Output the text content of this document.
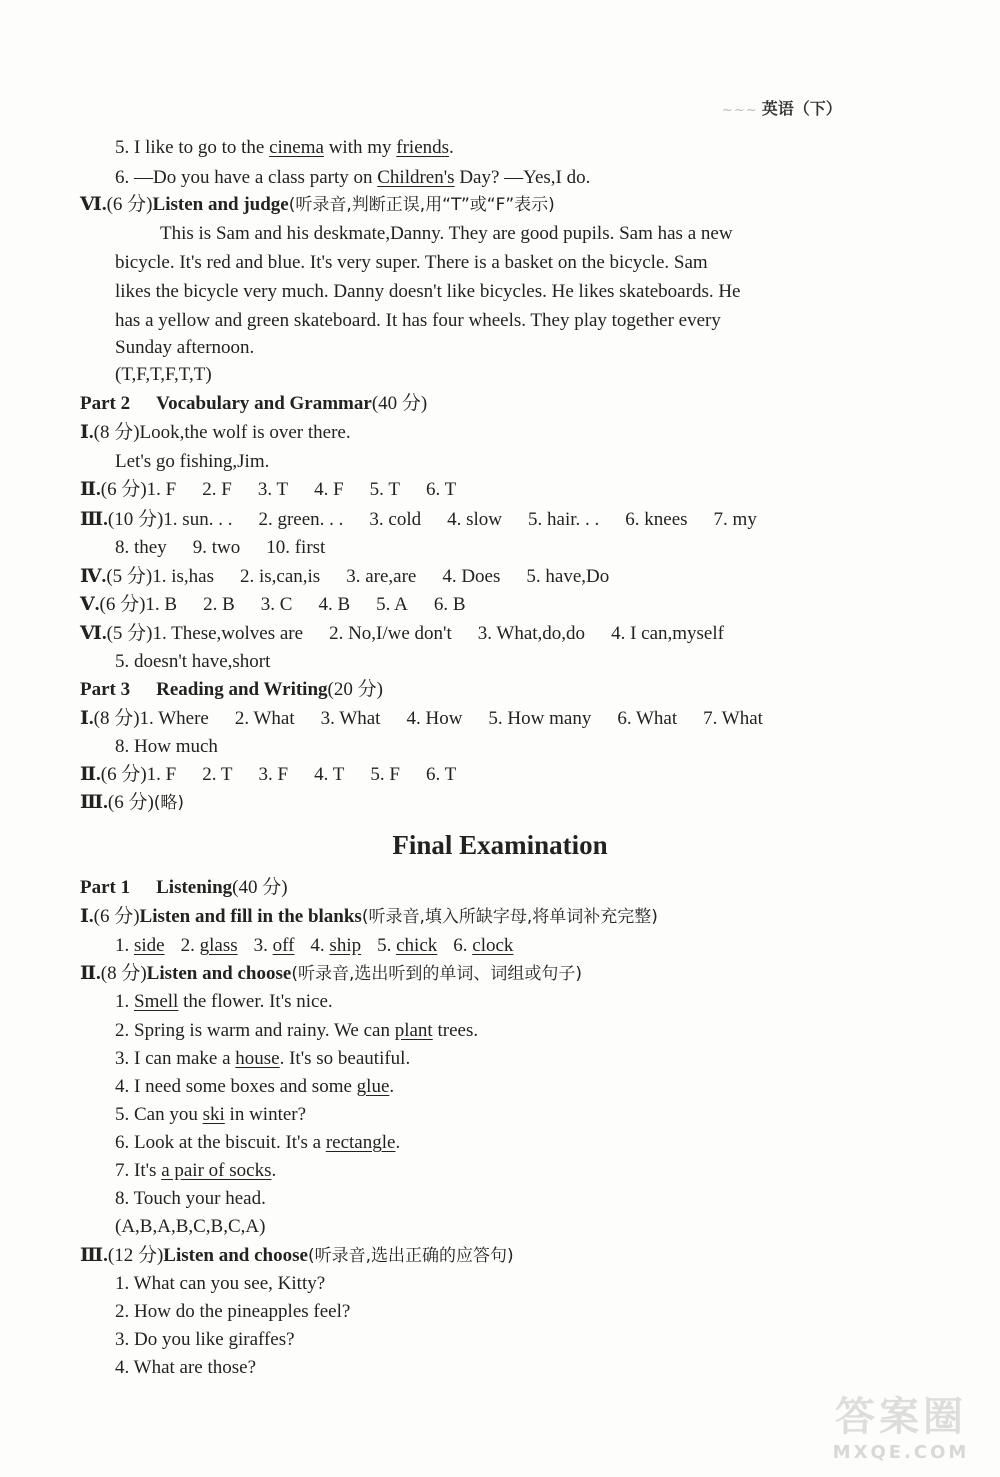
~~~ 英语（下）
5. I like to go to the cinema with my friends.
6. —Do you have a class party on Children's Day? —Yes,I do.
Ⅵ.(6 分)Listen and judge(听录音,判断正误,用“T”或“F”表示)
This is Sam and his deskmate,Danny. They are good pupils. Sam has a new
bicycle. It's red and blue. It's very super. There is a basket on the bicycle. Sam
likes the bicycle very much. Danny doesn't like bicycles. He likes skateboards. He
has a yellow and green skateboard. It has four wheels. They play together every
Sunday afternoon.
(T,F,T,F,T,T)
Part 2 Vocabulary and Grammar(40 分)
Ⅰ.(8 分)Look,the wolf is over there.
Let's go fishing,Jim.
Ⅱ.(6 分)1. F 2. F 3. T 4. F 5. T 6. T
Ⅲ.(10 分)1. sun. . . 2. green. . . 3. cold 4. slow 5. hair. . . 6. knees 7. my
8. they 9. two 10. first
Ⅳ.(5 分)1. is,has 2. is,can,is 3. are,are 4. Does 5. have,Do
Ⅴ.(6 分)1. B 2. B 3. C 4. B 5. A 6. B
Ⅵ.(5 分)1. These,wolves are 2. No,I/we don't 3. What,do,do 4. I can,myself
5. doesn't have,short
Part 3 Reading and Writing(20 分)
Ⅰ.(8 分)1. Where 2. What 3. What 4. How 5. How many 6. What 7. What
8. How much
Ⅱ.(6 分)1. F 2. T 3. F 4. T 5. F 6. T
Ⅲ.(6 分)(略)
Final Examination
Part 1 Listening(40 分)
Ⅰ.(6 分)Listen and fill in the blanks(听录音,填入所缺字母,将单词补充完整)
1. side 2. glass 3. off 4. ship 5. chick 6. clock
Ⅱ.(8 分)Listen and choose(听录音,选出听到的单词、词组或句子)
1. Smell the flower. It's nice.
2. Spring is warm and rainy. We can plant trees.
3. I can make a house. It's so beautiful.
4. I need some boxes and some glue.
5. Can you ski in winter?
6. Look at the biscuit. It's a rectangle.
7. It's a pair of socks.
8. Touch your head.
(A,B,A,B,C,B,C,A)
Ⅲ.(12 分)Listen and choose(听录音,选出正确的应答句)
1. What can you see, Kitty?
2. How do the pineapples feel?
3. Do you like giraffes?
4. What are those?
答案圈
MXQE.COM
